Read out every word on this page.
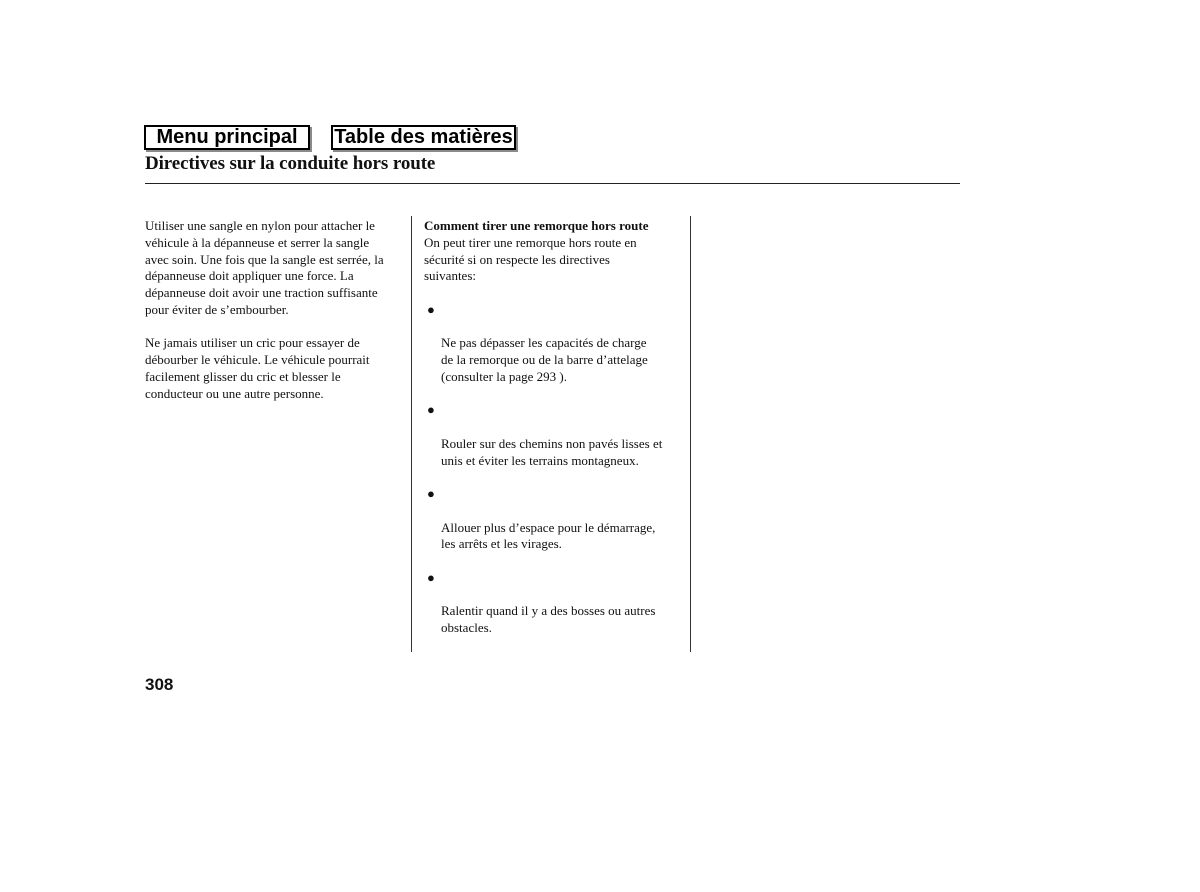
Menu principal	Table des matières
Directives sur la conduite hors route

Utiliser une sangle en nylon pour attacher le
véhicule à la dépanneuse et serrer la sangle
avec soin. Une fois que la sangle est serrée, la
dépanneuse doit appliquer une force. La
dépanneuse doit avoir une traction suffisante
pour éviter de s’embourber.

Ne jamais utiliser un cric pour essayer de
débourber le véhicule. Le véhicule pourrait
facilement glisser du cric et blesser le
conducteur ou une autre personne.

Comment tirer une remorque hors route

On peut tirer une remorque hors route en
sécurité si on respecte les directives
suivantes:

●

Ne pas dépasser les capacités de charge
de la remorque ou de la barre d’attelage
(consulter la page 293 ).

●

Rouler sur des chemins non pavés lisses et
unis et éviter les terrains montagneux.

●

Allouer plus d’espace pour le démarrage,
les arrêts et les virages.

●

Ralentir quand il y a des bosses ou autres
obstacles.

308
